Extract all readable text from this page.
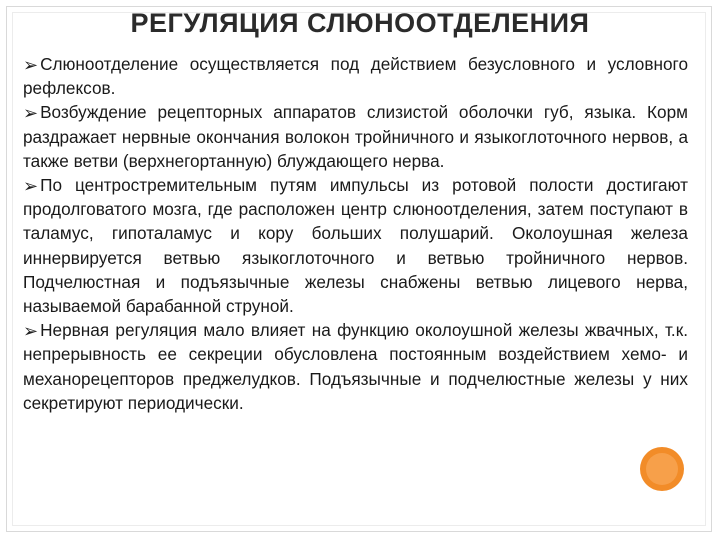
РЕГУЛЯЦИЯ СЛЮНООТДЕЛЕНИЯ

➢ Слюноотделение осуществляется под действием безусловного и условного рефлексов.

➢ Возбуждение рецепторных аппаратов слизистой оболочки губ, языка. Корм раздражает нервные окончания волокон тройничного и языкоглоточного нервов, а также ветви (верхнегортанную) блуждающего нерва.

➢ По центростремительным путям импульсы из ротовой полости достигают продолговатого мозга, где расположен центр слюноотделения, затем поступают в таламус, гипоталамус и кору больших полушарий. Околоушная железа иннервируется ветвью языкоглоточного и ветвью тройничного нервов. Подчелюстная и подъязычные железы снабжены ветвью лицевого нерва, называемой барабанной струной.

➢ Нервная регуляция мало влияет на функцию околоушной железы жвачных, т.к. непрерывность ее секреции обусловлена постоянным воздействием хемо- и механорецепторов преджелудков. Подъязычные и подчелюстные железы у них секретируют периодически.
